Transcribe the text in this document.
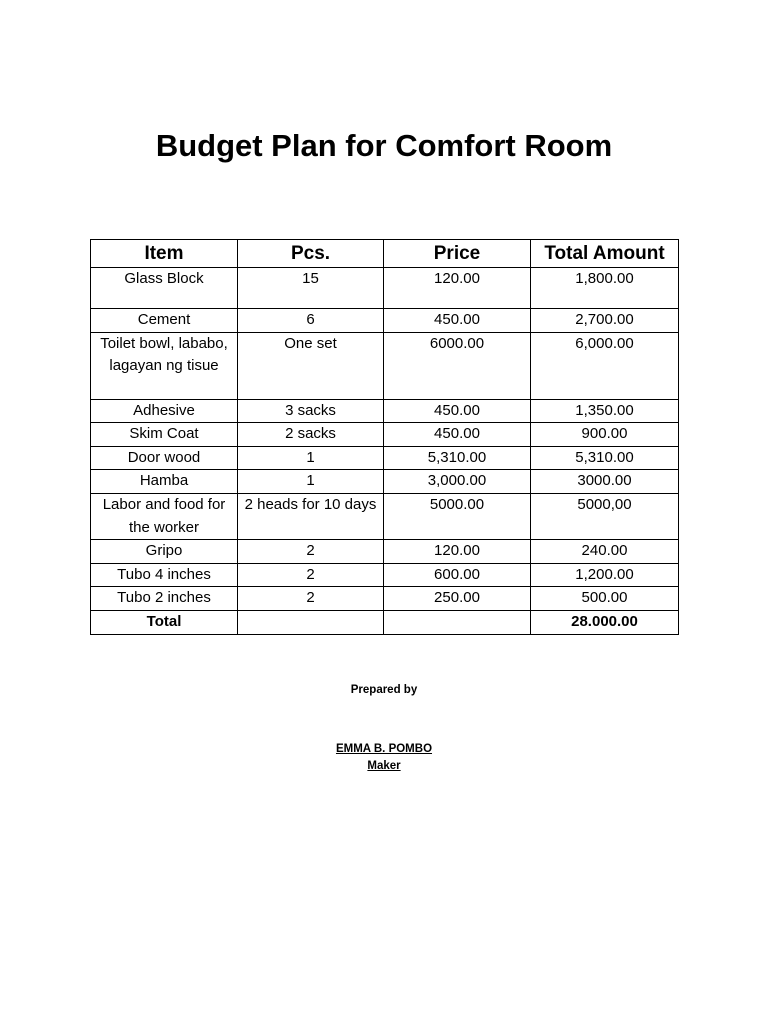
Budget Plan for Comfort Room
Item	Pcs.	Price	Total Amount
Glass Block	15	120.00	1,800.00
Cement	6	450.00	2,700.00
Toilet bowl, lababo, lagayan ng tisue	One set	6000.00	6,000.00
Adhesive	3 sacks	450.00	1,350.00
Skim Coat	2 sacks	450.00	900.00
Door wood	1	5,310.00	5,310.00
Hamba	1	3,000.00	3000.00
Labor and food for the worker	2 heads for 10 days	5000.00	5000,00
Gripo	2	120.00	240.00
Tubo 4 inches	2	600.00	1,200.00
Tubo 2 inches	2	250.00	500.00
Total			28.000.00
Prepared by
EMMA B. POMBO
Maker
